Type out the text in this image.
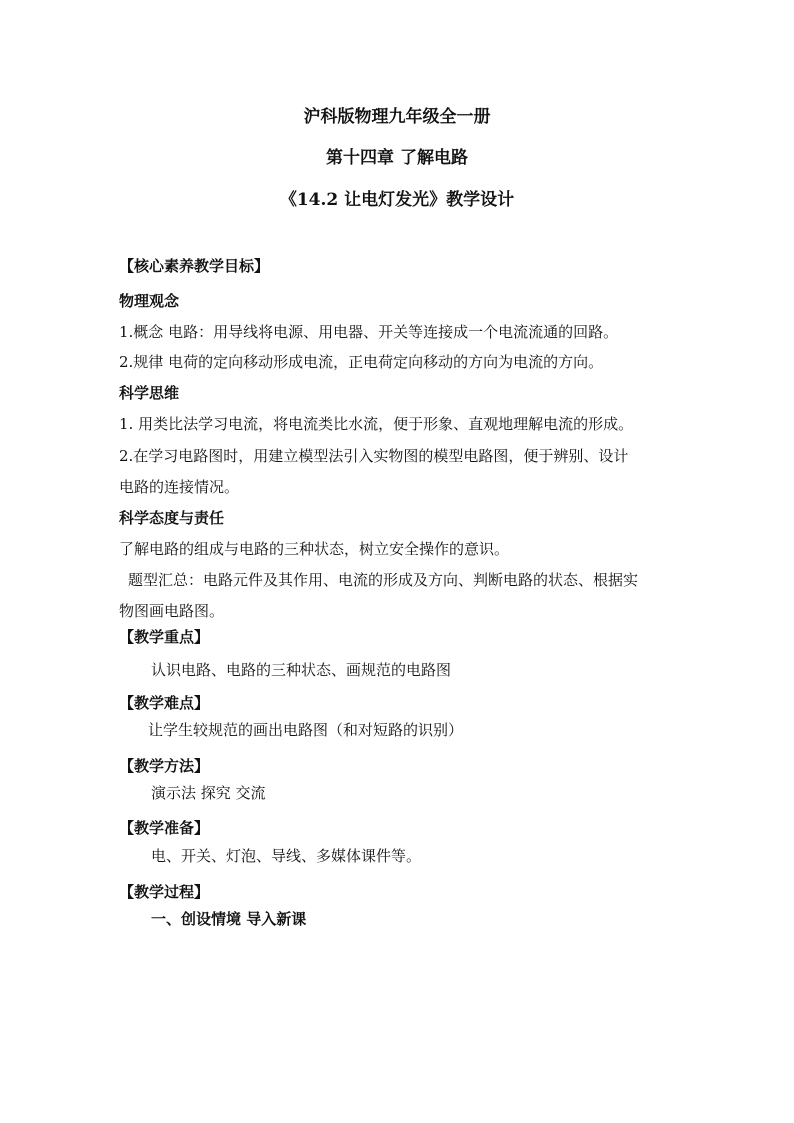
沪科版物理九年级全一册
第十四章 了解电路
《14.2 让电灯发光》教学设计
【核心素养教学目标】
物理观念
1.概念 电路：用导线将电源、用电器、开关等连接成一个电流流通的回路。
2.规律 电荷的定向移动形成电流，正电荷定向移动的方向为电流的方向。
科学思维
1. 用类比法学习电流，将电流类比水流，便于形象、直观地理解电流的形成。
2.在学习电路图时，用建立模型法引入实物图的模型电路图，便于辨别、设计
电路的连接情况。
科学态度与责任
了解电路的组成与电路的三种状态，树立安全操作的意识。
题型汇总：电路元件及其作用、电流的形成及方向、判断电路的状态、根据实
物图画电路图。
【教学重点】
认识电路、电路的三种状态、画规范的电路图
【教学难点】
让学生较规范的画出电路图（和对短路的识别）
【教学方法】
演示法 探究 交流
【教学准备】
电、开关、灯泡、导线、多媒体课件等。
【教学过程】
一、创设情境 导入新课
